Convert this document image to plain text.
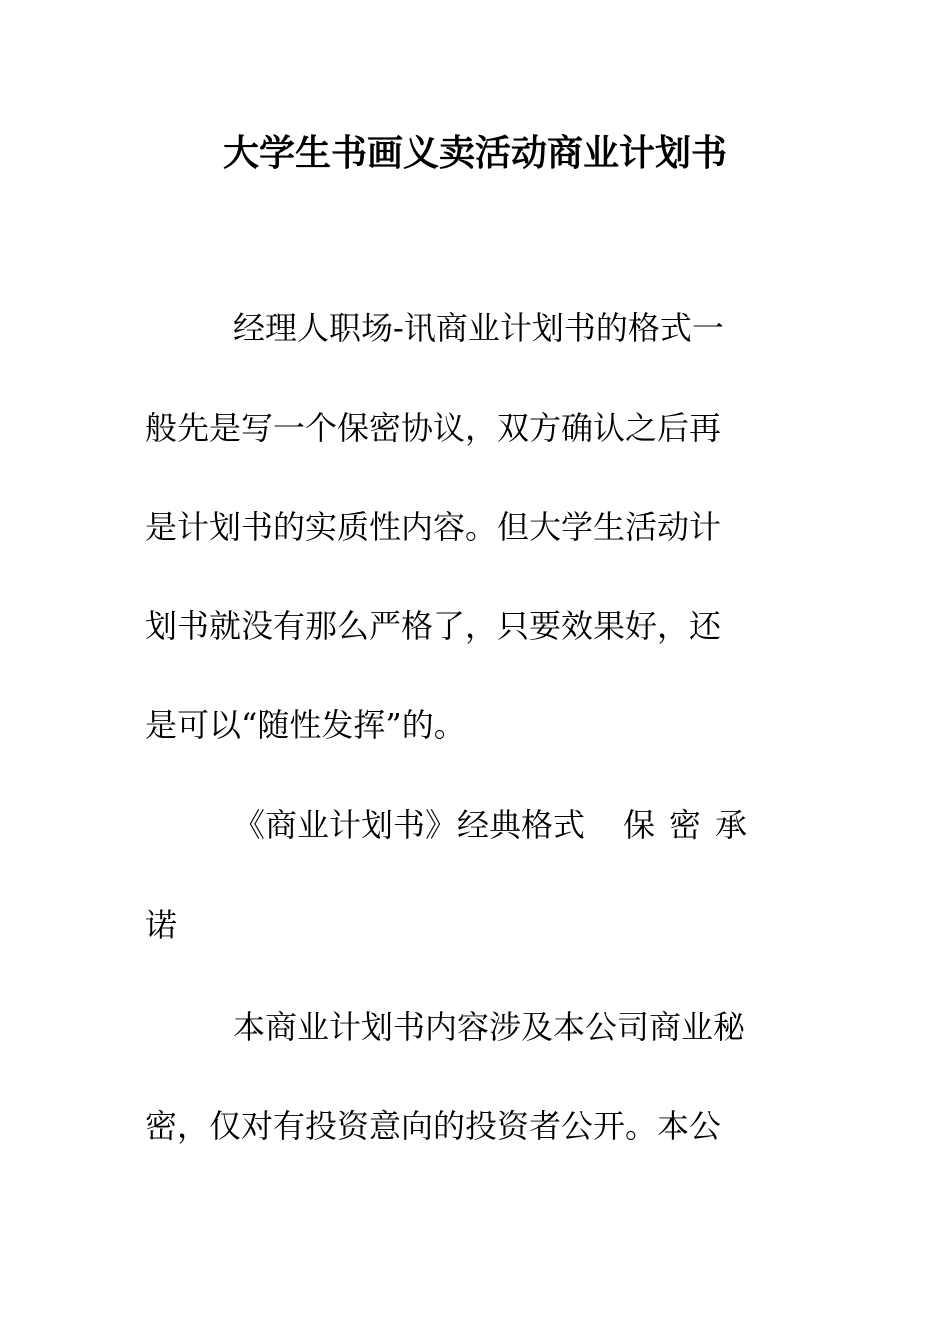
大学生书画义卖活动商业计划书
经理人职场-讯商业计划书的格式一
般先是写一个保密协议，双方确认之后再
是计划书的实质性内容。但大学生活动计
划书就没有那么严格了，只要效果好，还
是可以“随性发挥”的。
《商业计划书》经典格式 保 密 承
诺
本商业计划书内容涉及本公司商业秘
密，仅对有投资意向的投资者公开。本公
